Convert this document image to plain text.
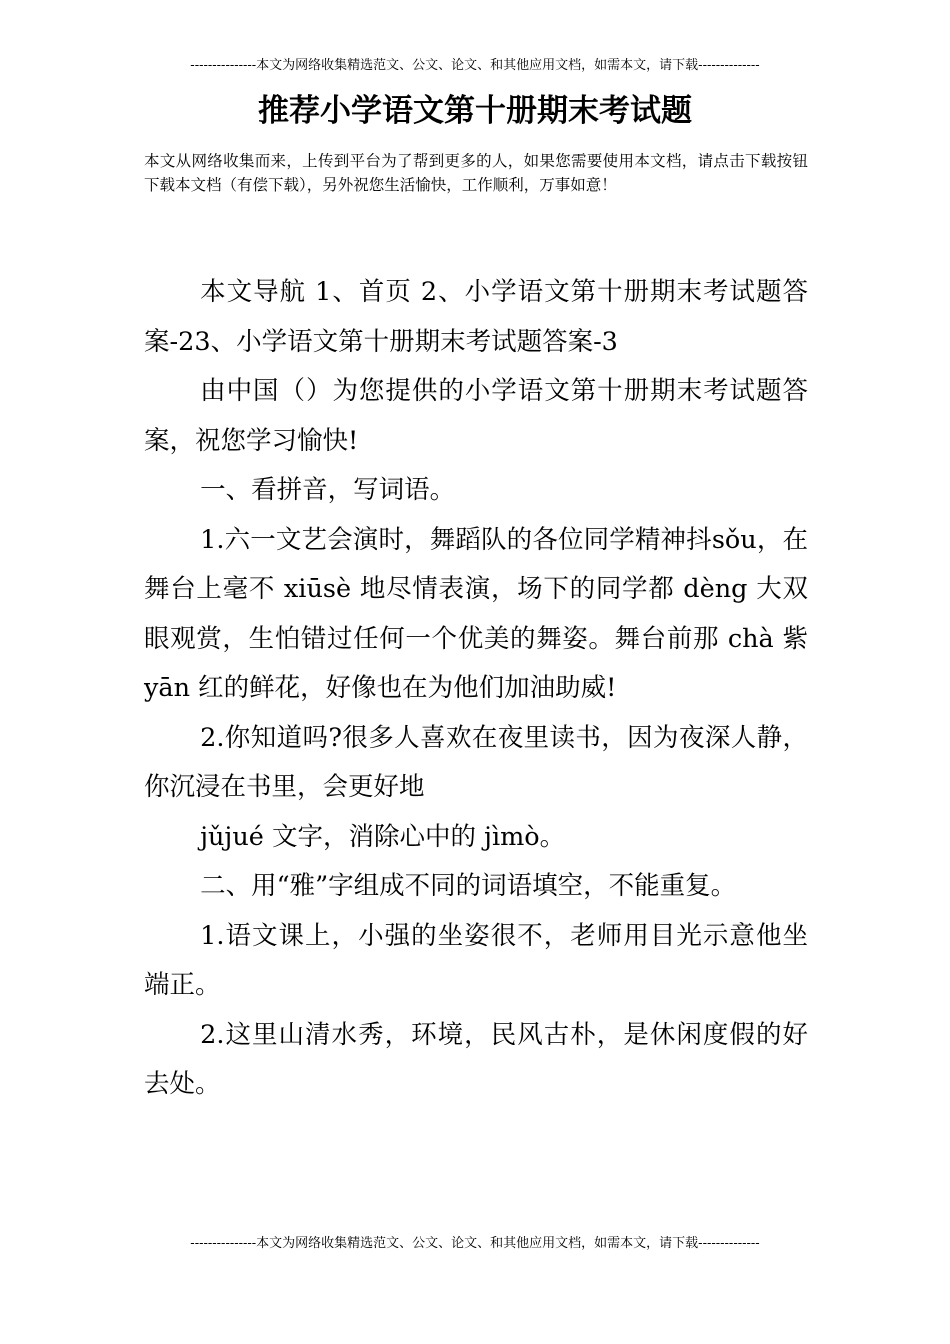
---------------本文为网络收集精选范文、公文、论文、和其他应用文档，如需本文，请下载--------------
推荐小学语文第十册期末考试题

本文从网络收集而来，上传到平台为了帮到更多的人，如果您需要使用本文档，请点击下载按钮下载本文档（有偿下载），另外祝您生活愉快，工作顺利，万事如意！

本文导航 1、首页 2、小学语文第十册期末考试题答案-23、小学语文第十册期末考试题答案-3

由中国（）为您提供的小学语文第十册期末考试题答案，祝您学习愉快!

一、看拼音，写词语。

1.六一文艺会演时，舞蹈队的各位同学精神抖sǒu，在舞台上毫不 xiūsè 地尽情表演，场下的同学都 dèng 大双眼观赏，生怕错过任何一个优美的舞姿。舞台前那 chà 紫 yān 红的鲜花，好像也在为他们加油助威!

2.你知道吗?很多人喜欢在夜里读书，因为夜深人静，你沉浸在书里，会更好地

jǔjué 文字，消除心中的 jìmò。

二、用“雅”字组成不同的词语填空，不能重复。

1.语文课上，小强的坐姿很不，老师用目光示意他坐端正。

2.这里山清水秀，环境，民风古朴，是休闲度假的好去处。

---------------本文为网络收集精选范文、公文、论文、和其他应用文档，如需本文，请下载--------------
